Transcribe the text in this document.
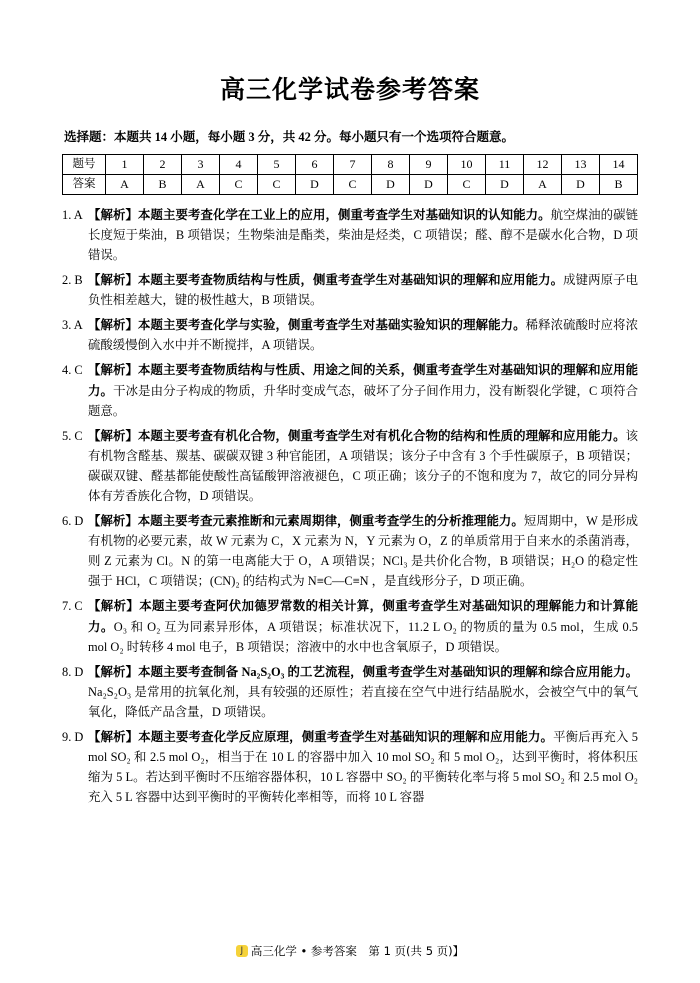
高三化学试卷参考答案
选择题：本题共 14 小题，每小题 3 分，共 42 分。每小题只有一个选项符合题意。
题号	1	2	3	4	5	6	7	8	9	10	11	12	13	14
答案	A	B	A	C	C	D	C	D	D	C	D	A	D	B
1. A 【解析】本题主要考查化学在工业上的应用，侧重考查学生对基础知识的认知能力。航空煤油的碳链长度短于柴油，B 项错误；生物柴油是酯类，柴油是烃类，C 项错误；醛、醇不是碳水化合物，D 项错误。
2. B 【解析】本题主要考查物质结构与性质，侧重考查学生对基础知识的理解和应用能力。成键两原子电负性相差越大，键的极性越大，B 项错误。
3. A 【解析】本题主要考查化学与实验，侧重考查学生对基础实验知识的理解能力。稀释浓硫酸时应将浓硫酸缓慢倒入水中并不断搅拌，A 项错误。
4. C 【解析】本题主要考查物质结构与性质、用途之间的关系，侧重考查学生对基础知识的理解和应用能力。干冰是由分子构成的物质，升华时变成气态，破坏了分子间作用力，没有断裂化学键，C 项符合题意。
5. C 【解析】本题主要考查有机化合物，侧重考查学生对有机化合物的结构和性质的理解和应用能力。该有机物含醛基、羰基、碳碳双键 3 种官能团，A 项错误；该分子中含有 3 个手性碳原子，B 项错误；碳碳双键、醛基都能使酸性高锰酸钾溶液褪色，C 项正确；该分子的不饱和度为 7，故它的同分异构体有芳香族化合物，D 项错误。
6. D 【解析】本题主要考查元素推断和元素周期律，侧重考查学生的分析推理能力。短周期中，W 是形成有机物的必要元素，故 W 元素为 C，X 元素为 N，Y 元素为 O，Z 的单质常用于自来水的杀菌消毒，则 Z 元素为 Cl。N 的第一电离能大于 O，A 项错误；NCl₃ 是共价化合物，B 项错误；H₂O 的稳定性强于 HCl，C 项错误；(CN)₂ 的结构式为 N≡C—C≡N ，是直线形分子，D 项正确。
7. C 【解析】本题主要考查阿伏加德罗常数的相关计算，侧重考查学生对基础知识的理解能力和计算能力。O₃ 和 O₂ 互为同素异形体，A 项错误；标准状况下，11.2 L O₂ 的物质的量为 0.5 mol，生成 0.5 mol O₂ 时转移 4 mol 电子，B 项错误；溶液中的水中也含氧原子，D 项错误。
8. D 【解析】本题主要考查制备 Na₂S₂O₃ 的工艺流程，侧重考查学生对基础知识的理解和综合应用能力。Na₂S₂O₃ 是常用的抗氧化剂，具有较强的还原性；若直接在空气中进行结晶脱水，会被空气中的氧气氧化，降低产品含量，D 项错误。
9. D 【解析】本题主要考查化学反应原理，侧重考查学生对基础知识的理解和应用能力。平衡后再充入 5 mol SO₂ 和 2.5 mol O₂，相当于在 10 L 的容器中加入 10 mol SO₂ 和 5 mol O₂，达到平衡时，将体积压缩为 5 L。若达到平衡时不压缩容器体积，10 L 容器中 SO₂ 的平衡转化率与将 5 mol SO₂ 和 2.5 mol O₂ 充入 5 L 容器中达到平衡时的平衡转化率相等，而将 10 L 容器
J 高三化学 • 参考答案　第 1 页(共 5 页)】
